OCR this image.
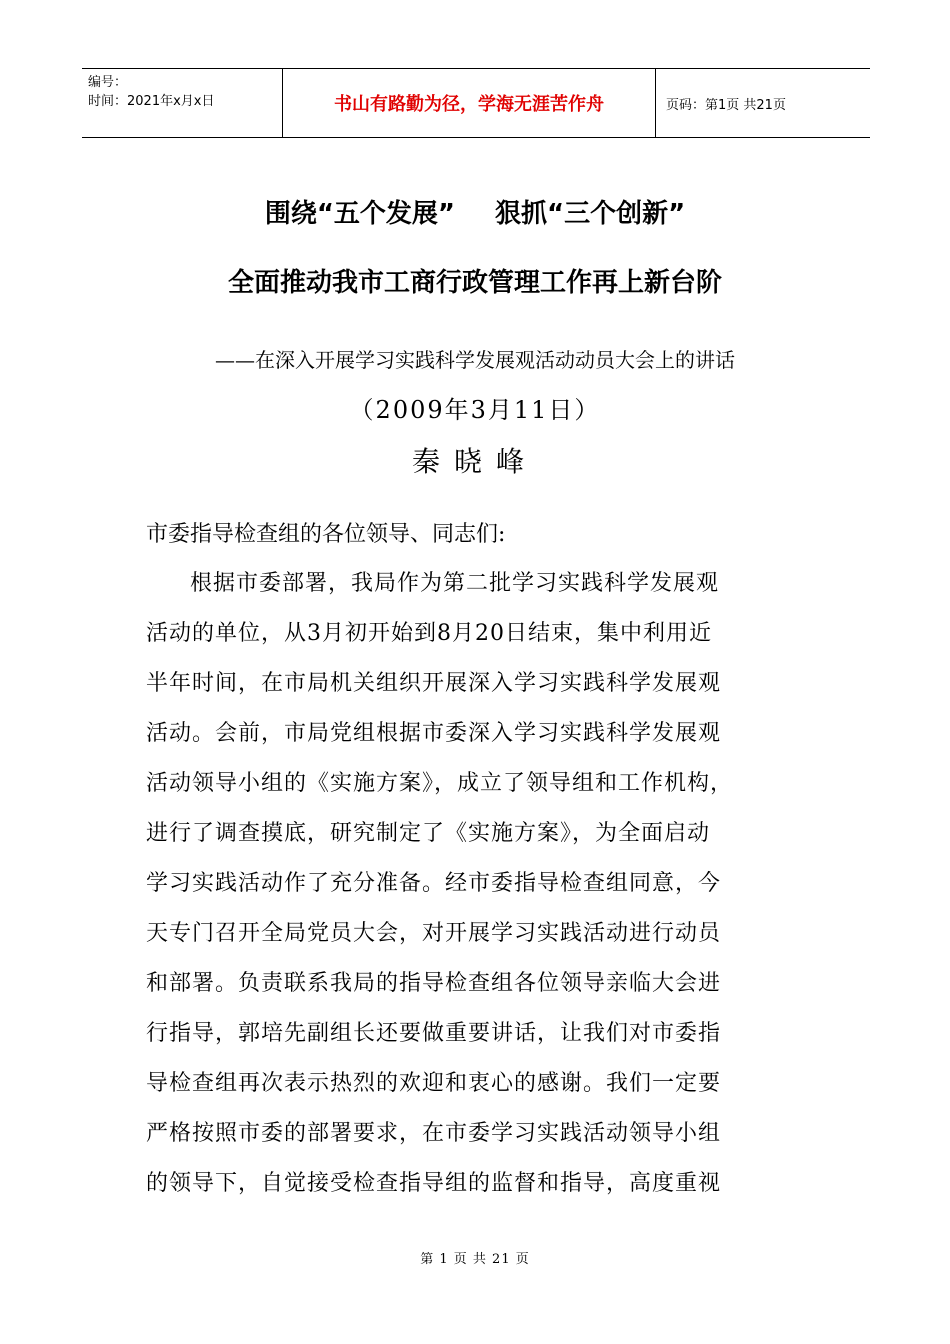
编号：
时间：2021年x月x日	书山有路勤为径，学海无涯苦作舟	页码：第1页 共21页
围绕“五个发展” 狠抓“三个创新”
全面推动我市工商行政管理工作再上新台阶
——在深入开展学习实践科学发展观活动动员大会上的讲话
（2009年3月11日）
秦晓峰
市委指导检查组的各位领导、同志们:
根据市委部署，我局作为第二批学习实践科学发展观
活动的单位，从3月初开始到8月20日结束，集中利用近
半年时间，在市局机关组织开展深入学习实践科学发展观
活动。会前，市局党组根据市委深入学习实践科学发展观
活动领导小组的《实施方案》，成立了领导组和工作机构，
进行了调查摸底，研究制定了《实施方案》，为全面启动
学习实践活动作了充分准备。经市委指导检查组同意，今
天专门召开全局党员大会，对开展学习实践活动进行动员
和部署。负责联系我局的指导检查组各位领导亲临大会进
行指导，郭培先副组长还要做重要讲话，让我们对市委指
导检查组再次表示热烈的欢迎和衷心的感谢。我们一定要
严格按照市委的部署要求，在市委学习实践活动领导小组
的领导下，自觉接受检查指导组的监督和指导，高度重视
第 1 页 共 21 页
